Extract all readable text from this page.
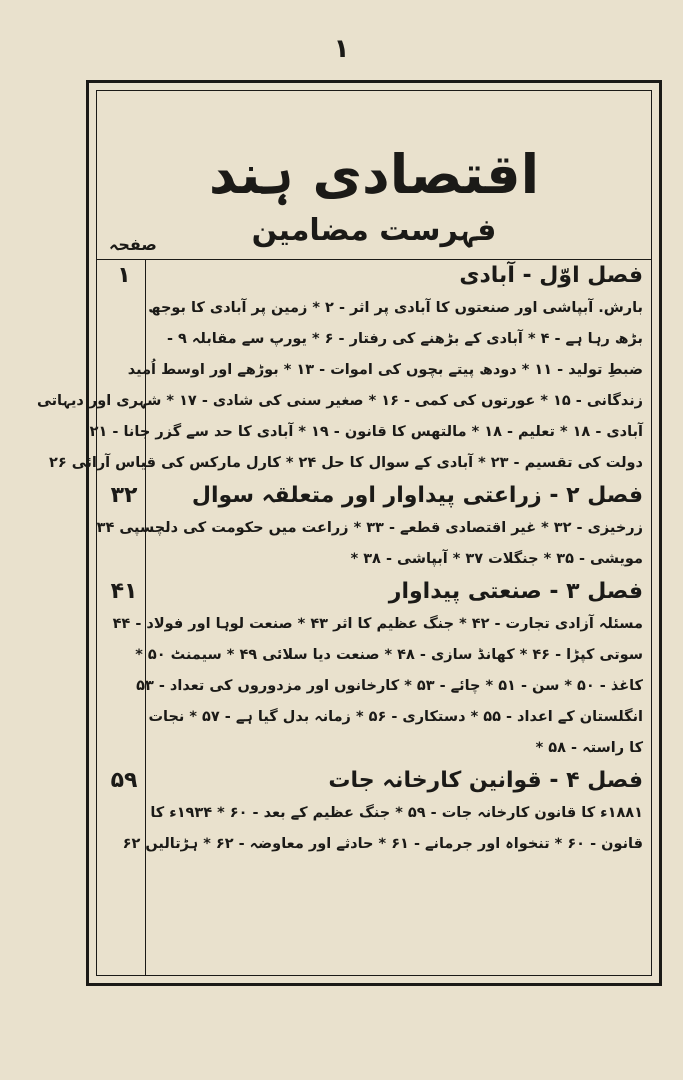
۱
اقتصادی ہند
فہرست مضامین
صفحہ
فصل اوّل - آبادی
۱
بارش. آبپاشی اور صنعتوں کا آبادی پر اثر - ۲ * زمین پر آبادی کا بوجھ
بڑھ رہا ہے - ۴ * آبادی کے بڑھنے کی رفتار - ۶ * یورپ سے مقابلہ ۹ -
ضبطِ تولید - ۱۱ * دودھ پیتے بچوں کی اموات - ۱۳ * بوڑھے اور اوسط اُمید
زندگانی - ۱۵ * عورتوں کی کمی - ۱۶ * صغیر سنی کی شادی - ۱۷ * شہری اور دیہاتی
آبادی - ۱۸ * تعلیم - ۱۸ * مالتھس کا قانون - ۱۹ * آبادی کا حد سے گزر جانا - ۲۱
دولت کی تقسیم - ۲۳ * آبادی کے سوال کا حل ۲۴ * کارل مارکس کی قیاس آرائی ۲۶
فصل ۲ - زراعتی پیداوار اور متعلقہ سوال
۳۲
زرخیزی - ۳۲ * غیر اقتصادی قطعے - ۳۳ * زراعت میں حکومت کی دلچسپی ۳۴
مویشی - ۳۵ * جنگلات ۳۷ * آبپاشی - ۳۸ *
فصل ۳ - صنعتی پیداوار
۴۱
مسئلہ آزادی تجارت - ۴۲ * جنگ عظیم کا اثر ۴۳ * صنعت لوہا اور فولاد - ۴۴
سوتی کپڑا - ۴۶ * کھانڈ سازی - ۴۸ * صنعت دیا سلائی ۴۹ * سیمنٹ ۵۰ *
کاغذ - ۵۰ * سن - ۵۱ * چائے - ۵۳ * کارخانوں اور مزدوروں کی تعداد - ۵۳
انگلستان کے اعداد - ۵۵ * دستکاری - ۵۶ * زمانہ بدل گیا ہے - ۵۷ * نجات
کا راستہ - ۵۸ *
فصل ۴ - قوانین کارخانہ جات
۵۹
۱۸۸۱ء کا قانون کارخانہ جات - ۵۹ * جنگ عظیم کے بعد - ۶۰ * ۱۹۳۴ء کا
قانون - ۶۰ * تنخواہ اور جرمانے - ۶۱ * حادثے اور معاوضہ - ۶۲ * ہڑتالیں ۶۲
